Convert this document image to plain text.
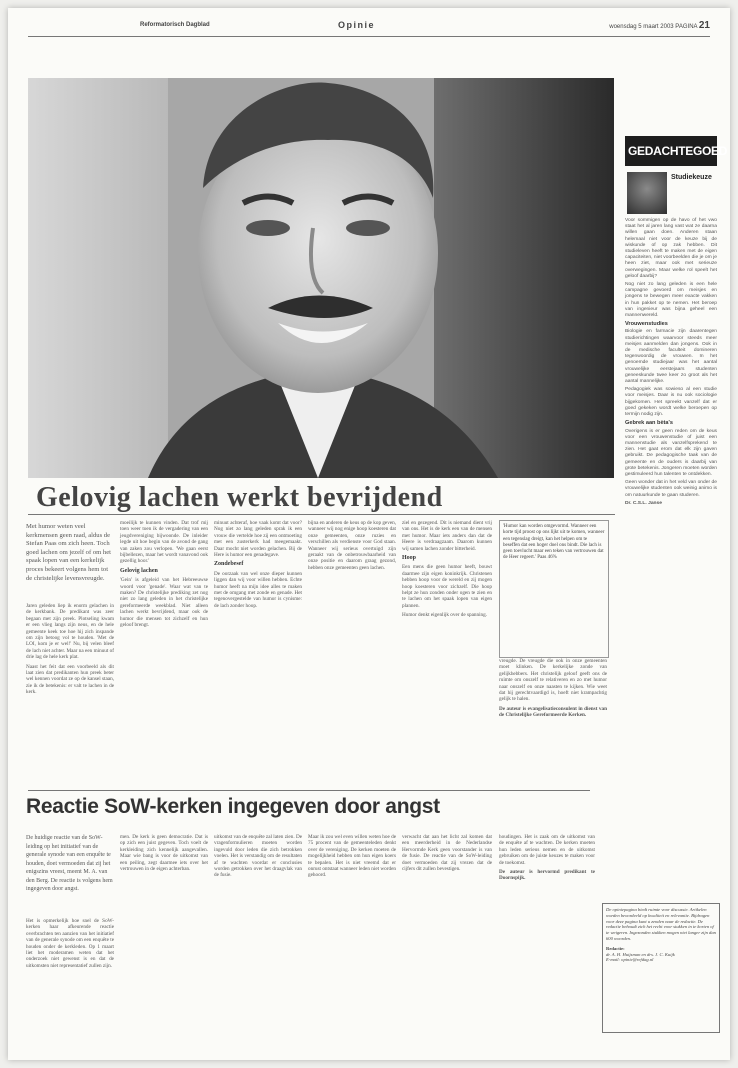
Reformatorisch Dagblad	Opinie	woensdag 5 maart 2003 PAGINA 21
Gelovig lachen werkt bevrijdend
Met humor weten veel kerkmensen geen raad, aldus de Stefan Paas om zich heen. Toch goed lachen om jezelf of om het spaak lopen van een kerkelijk proces bekeert volgens hem tot de christelijke levensvreugde.

Jaren geleden liep ik enorm gelachen in de kerkbank. De predikant was zeer begaan met zijn preek. Plotseling kwam er een vlieg langs zijn neus, en de hele gemeente keek toe hoe hij zich inspande om zijn betoog vol te houden. 'Met de LOI, kom je er wel!' Nu, bij velen bleef de lach niet achter. Maar na een minuut of drie lag de hele kerk plat.

Naast het feit dat een voorbeeld als dit laat zien dat predikanten hun preek beter wel kennen voordat ze op de kansel staan, zie ik de betekenis: er valt te lachen in de kerk.

moeilijk te kunnen vinden. Dat trof mij toen weer toen ik de vergadering van een jeugdvereniging bijwoonde. De inleider legde uit hoe begin van de avond de gang van zaken zou verlopen. 'We gaan eerst bijbellezen, maar het wordt vanavond ook gezellig hoor.'

Gelovig lachen

'Gein' is afgeleid van het Hebreeuwse woord voor 'genade'. Waar wat van te maken? De christelijke prediking zet nog niet zo lang geleden in het christelijke gereformeerde weekblad. Niet alleen lachen werkt bevrijdend, maar ook de humor die mensen tot zichzelf en hun geloof brengt.

minuut achteraf, hoe vaak komt dat voor? Nog niet zo lang geleden sprak ik een vrouw die vertelde hoe zij een ontmoeting met een zusterkerk had meegemaakt. Daar mocht niet worden gelachen. Bij de Here is humor een genadegave.

Zondebesef

De oorzaak van wel onze dieper kunnen liggen dan wij voor willen hebben. Echte humor heeft na mijn idee alles te maken met de omgang met zonde en genade. Het tegenovergestelde van humor is cynisme: de lach zonder hoop.

bijna en anderen de keus op de kop geven, wanneer wij nog enige hoop koesteren dat onze gemeenten, onze ruzies en verschillen als verdienste voor God staan. Wanneer wij serieus overtuigd zijn geraakt van de onbetrouwbaarheid van onze positie en daarom graag gezond, hebben onze gemeenten geen lachen.

ziel en gezegend. Dit is niemand dient vrij van ons. Het is de kerk een van de mensen met humor. Maar iets anders dan dat de Heere is verdraagzaam. Daarom kunnen wij samen lachen zonder bitterheid.

Hoop

Een mens die geen humor heeft, bouwt daarmee zijn eigen koninkrijk. Christenen hebben hoop voor de wereld en zij mogen hoop koesteren voor zichzelf. Die hoop helpt ze hun zonden onder ogen te zien en te lachen om het spaak lopen van eigen plannen.

Humor denkt eigenlijk over de spanning.

'Humor kan worden omgevormd. Wanneer een korte tijd proost op ons lijkt uit te komen, wanneer een tegenslag dreigt, kan het helpen om te beseffen dat een hoger doel ons bindt. Die lach is geen toevlucht maar een teken van vertrouwen dat de Heer regeert.' Paas 46%

vreugde. De vreugde die ook in onze gemeenten moet klinken. De kerkelijke zonde van gelijkhebbers. Het christelijk geloof geeft ons de ruimte om onszelf te relativeren en zo met humor naar onszelf en onze naasten te kijken. Wie weet dat hij gerechtvaardigd is, hoeft niet krampachtig gelijk te halen.

De auteur is evangelisatieconsulent in dienst van de Christelijke Gereformeerde Kerken.

GEDACHTEGOED
Studiekeuze

Voor sommigen op de havo of het vwo staat het al jaren lang vast wat ze daarna willen gaan doen. Anderen staan helemaal niet voor de keuze bij de wiskunde of op zak hebben. Dit studieleven heeft te maken met de eigen capaciteiten, niet voorbeelden die je om je heen ziet, maar ook met serieuze overwegingen. Maar welke rol speelt het geloof daarbij?

Nog niet zo lang geleden is een hele campagne gevoerd om meisjes en jongens te bewegen meer exacte vakken in hun pakket op te nemen. Het beroep van ingenieur was bijna geheel een mannenwereld.

Vrouwenstudies

Biologie en farmacie zijn daarentegen studierichtingen waarvoor steeds meer meisjes aanmelden dan jongens. Ook in de medische faculteit domineren tegenwoordig de vrouwen. In het genoemde studiejaar was het aantal vrouwelijke eerstejaars studenten geneeskunde twee keer zo groot als het aantal mannelijke.

Pedagogiek was sowieso al een studie voor meisjes. Daar is nu ook sociologie bijgekomen. Het spreekt vanzelf dat er goed gekeken wordt welke beroepen op termijn nodig zijn.

Gebrek aan bèta's

Overigens is er geen reden om de keus voor een vrouwenstudie of juist een mannenstudie als vanzelfsprekend te zien. Het gaat erom dat elk zijn gaven gebruikt. De pedagogische taak van de gemeente en de ouders is daarbij van grote betekenis. Jongeren moeten worden gestimuleerd hun talenten te ontdekken.

Geen wonder dat in het veld van onder de vrouwelijke studenten ook weinig animo is om natuurkunde te gaan studeren.

Dr. C.S.L. Janse

Reactie SoW-kerken ingegeven door angst
De huidige reactie van de SoW-leiding op het initiatief van de generale synode van een enquête te houden, doet vermoeden dat zij het enigszins vreest, meent M. A. van den Berg. De reactie is volgens hem ingegeven door angst.

Het is opmerkelijk hoe snel de SoW-kerken haar afkeurende reactie overbrachten ten aanzien van het initiatief van de generale synode om een enquête te houden onder de kerkleden. Op 1 maart liet het moderamen weten dat het onderzoek niet gewenst is en dat de uitkomsten niet representatief zullen zijn.

men. De kerk is geen democratie. Dat is op zich een juist gegeven. Toch voelt de kerkleiding zich kennelijk aangevallen. Maar wie bang is voor de uitkomst van een peiling, zegt daarmee iets over het vertrouwen in de eigen achterban.

uitkomst van de enquête zal laten zien. De vragenformulieren moeten worden ingevuld door leden die zich betrokken voelen. Het is verstandig om de resultaten af te wachten voordat er conclusies worden getrokken over het draagvlak van de fusie.

Maar ik zou wel even willen weten hoe de 75 procent van de gemeenteleden denkt over de vereniging. De kerken moeten de mogelijkheid hebben om hun eigen koers te bepalen. Het is niet vreemd dat er onrust ontstaat wanneer leden niet worden gehoord.

verwacht dat aan het licht zal komen dat een meerderheid in de Nederlandse Hervormde Kerk geen voorstander is van de fusie. De reactie van de SoW-leiding doet vermoeden dat zij vrezen dat de cijfers dit zullen bevestigen.

houdingen. Het is zaak om de uitkomst van de enquête af te wachten. De kerken moeten hun leden serieus nemen en de uitkomst gebruiken om de juiste keuzes te maken voor de toekomst.

De auteur is hervormd predikant te Doornspijk.

De opiniepagina biedt ruimte voor discussie. Artikelen worden beoordeeld op kwaliteit en relevantie. Bijdragen voor deze pagina kunt u zenden naar de redactie. De redactie behoudt zich het recht voor stukken in te korten of te weigeren. Ingezonden stukken mogen niet langer zijn dan 600 woorden.
Redactie:
dr. A. H. Huijsman en drs. J. C. Kuijk
E-mail: opinie@refdag.nl
